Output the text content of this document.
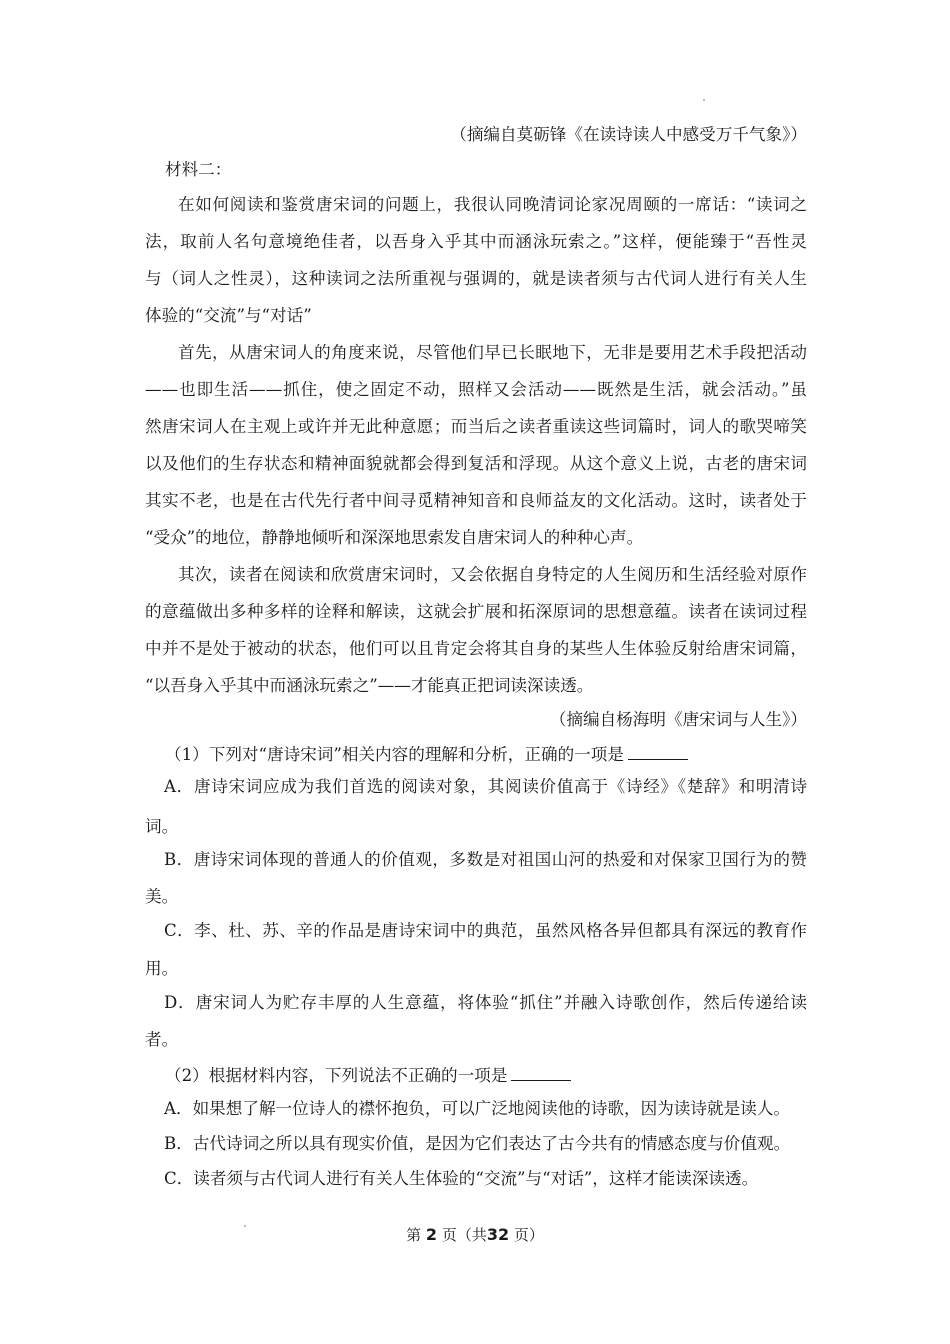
（摘编自莫砺锋《在读诗读人中感受万千气象》）
材料二：
在如何阅读和鉴赏唐宋词的问题上，我很认同晚清词论家况周颐的一席话：“读词之
法，取前人名句意境绝佳者，以吾身入乎其中而涵泳玩索之。”这样，便能臻于“吾性灵
与（词人之性灵），这种读词之法所重视与强调的，就是读者须与古代词人进行有关人生
体验的“交流”与“对话”
首先，从唐宋词人的角度来说，尽管他们早已长眠地下，无非是要用艺术手段把活动
——也即生活——抓住，使之固定不动，照样又会活动——既然是生活，就会活动。”虽
然唐宋词人在主观上或许并无此种意愿；而当后之读者重读这些词篇时，词人的歌哭啼笑
以及他们的生存状态和精神面貌就都会得到复活和浮现。从这个意义上说，古老的唐宋词
其实不老，也是在古代先行者中间寻觅精神知音和良师益友的文化活动。这时，读者处于
“受众”的地位，静静地倾听和深深地思索发自唐宋词人的种种心声。
其次，读者在阅读和欣赏唐宋词时，又会依据自身特定的人生阅历和生活经验对原作
的意蕴做出多种多样的诠释和解读，这就会扩展和拓深原词的思想意蕴。读者在读词过程
中并不是处于被动的状态，他们可以且肯定会将其自身的某些人生体验反射给唐宋词篇，
“以吾身入乎其中而涵泳玩索之”——才能真正把词读深读透。
（摘编自杨海明《唐宋词与人生》）
（1）下列对“唐诗宋词”相关内容的理解和分析，正确的一项是
A．唐诗宋词应成为我们首选的阅读对象，其阅读价值高于《诗经》《楚辞》和明清诗
词。
B．唐诗宋词体现的普通人的价值观，多数是对祖国山河的热爱和对保家卫国行为的赞
美。
C．李、杜、苏、辛的作品是唐诗宋词中的典范，虽然风格各异但都具有深远的教育作
用。
D．唐宋词人为贮存丰厚的人生意蕴，将体验“抓住”并融入诗歌创作，然后传递给读
者。
（2）根据材料内容，下列说法不正确的一项是
A．如果想了解一位诗人的襟怀抱负，可以广泛地阅读他的诗歌，因为读诗就是读人。
B．古代诗词之所以具有现实价值，是因为它们表达了古今共有的情感态度与价值观。
C．读者须与古代词人进行有关人生体验的“交流”与“对话”，这样才能读深读透。
第 2 页（共32 页）
